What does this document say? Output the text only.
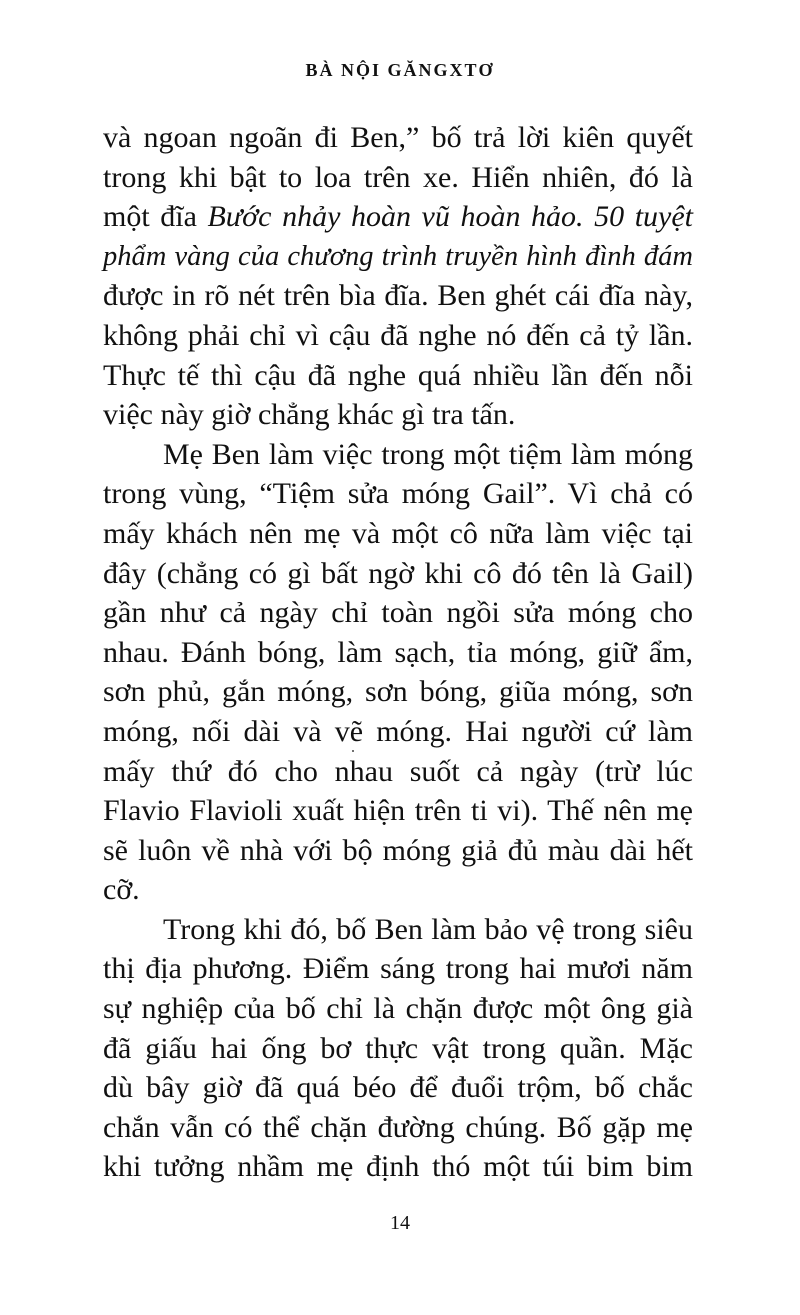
BÀ NỘI GĂNGXTƠ
và ngoan ngoãn đi Ben,” bố trả lời kiên quyết
trong khi bật to loa trên xe. Hiển nhiên, đó là
một đĩa Bước nhảy hoàn vũ hoàn hảo. 50 tuyệt
phẩm vàng của chương trình truyền hình đình đám
được in rõ nét trên bìa đĩa. Ben ghét cái đĩa này,
không phải chỉ vì cậu đã nghe nó đến cả tỷ lần.
Thực tế thì cậu đã nghe quá nhiều lần đến nỗi
việc này giờ chẳng khác gì tra tấn.
Mẹ Ben làm việc trong một tiệm làm móng
trong vùng, “Tiệm sửa móng Gail”. Vì chả có
mấy khách nên mẹ và một cô nữa làm việc tại
đây (chẳng có gì bất ngờ khi cô đó tên là Gail)
gần như cả ngày chỉ toàn ngồi sửa móng cho
nhau. Đánh bóng, làm sạch, tỉa móng, giữ ẩm,
sơn phủ, gắn móng, sơn bóng, giũa móng, sơn
móng, nối dài và vẽ móng. Hai người cứ làm
mấy thứ đó cho nhau suốt cả ngày (trừ lúc
Flavio Flavioli xuất hiện trên ti vi). Thế nên mẹ
sẽ luôn về nhà với bộ móng giả đủ màu dài hết
cỡ.
Trong khi đó, bố Ben làm bảo vệ trong siêu
thị địa phương. Điểm sáng trong hai mươi năm
sự nghiệp của bố chỉ là chặn được một ông già
đã giấu hai ống bơ thực vật trong quần. Mặc
dù bây giờ đã quá béo để đuổi trộm, bố chắc
chắn vẫn có thể chặn đường chúng. Bố gặp mẹ
khi tưởng nhầm mẹ định thó một túi bim bim
14
